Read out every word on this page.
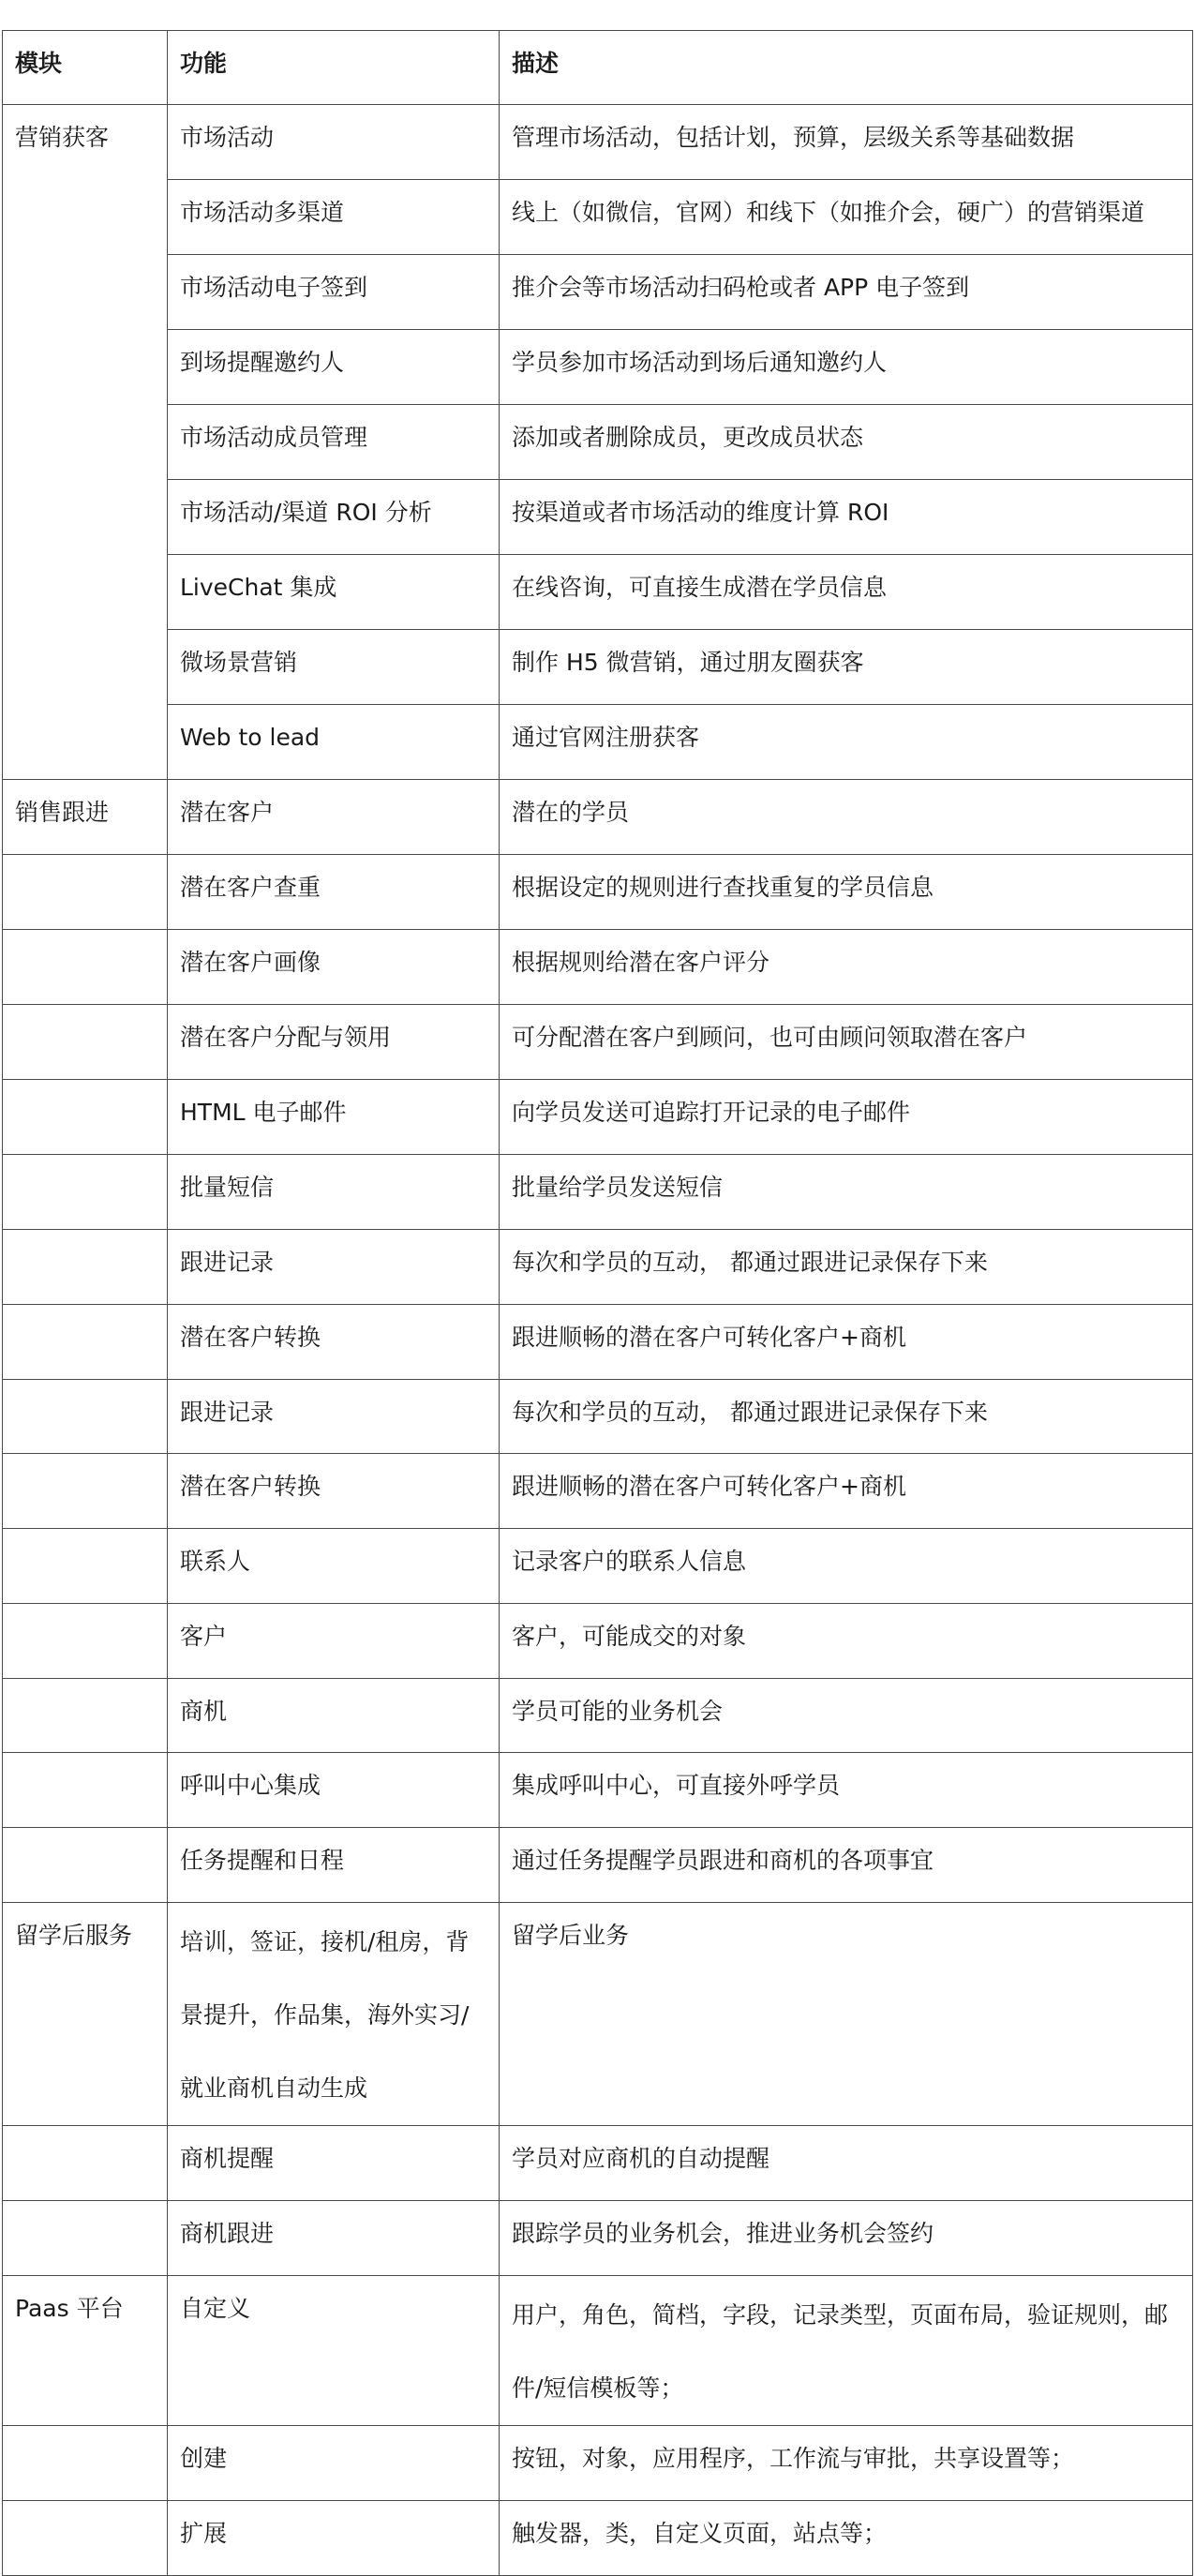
模块	功能	描述
营销获客	市场活动	管理市场活动，包括计划，预算，层级关系等基础数据
	市场活动多渠道	线上（如微信，官网）和线下（如推介会，硬广）的营销渠道
	市场活动电子签到	推介会等市场活动扫码枪或者 APP 电子签到
	到场提醒邀约人	学员参加市场活动到场后通知邀约人
	市场活动成员管理	添加或者删除成员，更改成员状态
	市场活动/渠道 ROI 分析	按渠道或者市场活动的维度计算 ROI
	LiveChat 集成	在线咨询，可直接生成潜在学员信息
	微场景营销	制作 H5 微营销，通过朋友圈获客
	Web to lead	通过官网注册获客
销售跟进	潜在客户	潜在的学员
	潜在客户查重	根据设定的规则进行查找重复的学员信息
	潜在客户画像	根据规则给潜在客户评分
	潜在客户分配与领用	可分配潜在客户到顾问，也可由顾问领取潜在客户
	HTML 电子邮件	向学员发送可追踪打开记录的电子邮件
	批量短信	批量给学员发送短信
	跟进记录	每次和学员的互动， 都通过跟进记录保存下来
	潜在客户转换	跟进顺畅的潜在客户可转化客户+商机
	跟进记录	每次和学员的互动， 都通过跟进记录保存下来
	潜在客户转换	跟进顺畅的潜在客户可转化客户+商机
	联系人	记录客户的联系人信息
	客户	客户，可能成交的对象
	商机	学员可能的业务机会
	呼叫中心集成	集成呼叫中心，可直接外呼学员
	任务提醒和日程	通过任务提醒学员跟进和商机的各项事宜
留学后服务	培训，签证，接机/租房，背景提升，作品集，海外实习/就业商机自动生成	留学后业务
	商机提醒	学员对应商机的自动提醒
	商机跟进	跟踪学员的业务机会，推进业务机会签约
Paas 平台	自定义	用户，角色，简档，字段，记录类型，页面布局，验证规则，邮件/短信模板等；
	创建	按钮，对象，应用程序，工作流与审批，共享设置等；
	扩展	触发器，类，自定义页面，站点等；
